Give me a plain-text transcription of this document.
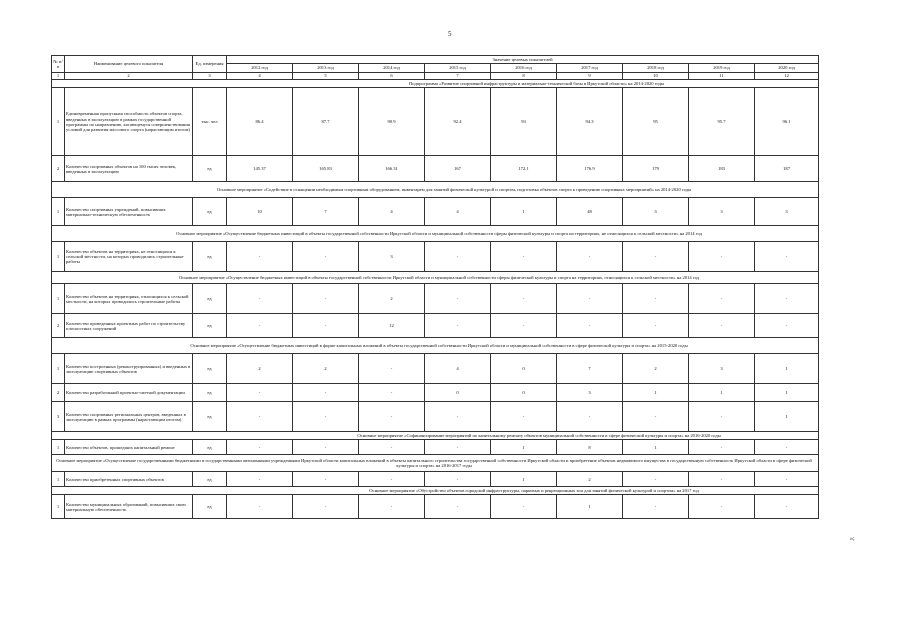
5
№ п/п	Наименование целевого показателя	Ед. измерения	Значение целевых показателей								
			2012 год	2013 год	2014 год	2015 год	2016 год	2017 год	2018 год	2019 год	2020 год
1	2	3	4	5	6	7	8	9	10	11	12
Подпрограмма «Развитие спортивной инфраструктуры и материально-технической базы в Иркутской области» на 2014-2020 годы											
1	Единовременная пропускная способность объектов спорта, введенных в эксплуатацию в рамках государственной программы по направлению, касающемуся совершенствования условий для развития массового спорта (нарастающим итогом)	тыс. чел	86.4	87.7	90.9	92.4	93	94.3	95	95.7	96.1
2	Количество спортивных объектов на 100 тысяч человек, введенных в эксплуатацию	ед	145.37	165.83	166.31	167	172.1	176.9	179	183	187
Основное мероприятие «Содействие в оснащении необходимым спортивным оборудованием, инвентарем для занятий физической культурой и спортом, подготовка объектов спорта к проведению спортивных мероприятий» на 2014-2020 годы											
1	Количество спортивных учреждений, повысивших материально-техническую обеспеченность	ед	10	7	4	4	1	48	3	3	3
Основное мероприятие «Осуществление бюджетных инвестиций в объекты государственной собственности Иркутской области и муниципальной собственности сферы физической культуры и спорта на территориях, не относящихся к сельской местности» на 2014 год											
1	Количество объектов на территориях, не относящихся к сельской местности, на которых проводились строительные работы	ед	-	-	3	-	-	-	-	-	-
Основное мероприятие «Осуществление бюджетных инвестиций в объекты государственной собственности Иркутской области и муниципальной собственности сферы физической культуры и спорта на территориях, относящихся к сельской местности» на 2014 год											
1	Количество объектов на территориях, относящихся к сельской местности, на которых проводились строительные работы	ед	-	-	2	-	-	-	-	-	-
2	Количество проведенных проектных работ по строительству плоскостных сооружений	ед	-	-	12	-	-	-	-	-	-
Основное мероприятие «Осуществление бюджетных инвестиций в форме капитальных вложений в объекты государственной собственности Иркутской области и муниципальной собственности в сфере физической культуры и спорта» на 2015-2020 годы											
1	Количество построенных (реконструированных) и введенных в эксплуатацию спортивных объектов	ед	2	2	-	4	0	7	2	3	1
2	Количество разработанной проектно-сметной документации	ед	-	-	-	0	0	3	1	1	1
3	Количество спортивных региональных центров, введенных в эксплуатацию в рамках программы (нарастающим итогом)	ед	-	-	-	-	-	-	-	-	1
Основное мероприятие «Софинансирование мероприятий по капитальному ремонту объектов муниципальной собственности в сфере физической культуры и спорта» на 2016-2020 годы											
1	Количество объектов, прошедших капитальный ремонт	ед	-	-	-	-	1	8	1	-	-
Основное мероприятие «Осуществление государственными бюджетными и государственными автономными учреждениями Иркутской области капитальных вложений в объекты капитального строительства государственной собственности Иркутской области и приобретение объектов недвижимого имущества в государственную собственность Иркутской области в сфере физической культуры и спорта» на 2016-2017 годы											
1	Количество приобретенных спортивных объектов	ед	-	-	-	-	1	2	-	-	-
Основное мероприятие «Обустройство объектов городской инфраструктуры, парковых и рекреационных зон для занятий физической культурой и спортом» на 2017 год											
1	Количество муниципальных образований, повысивших свою материальную обеспеченность	ед	-	-	-	-	-	1	-	-	-
»;
